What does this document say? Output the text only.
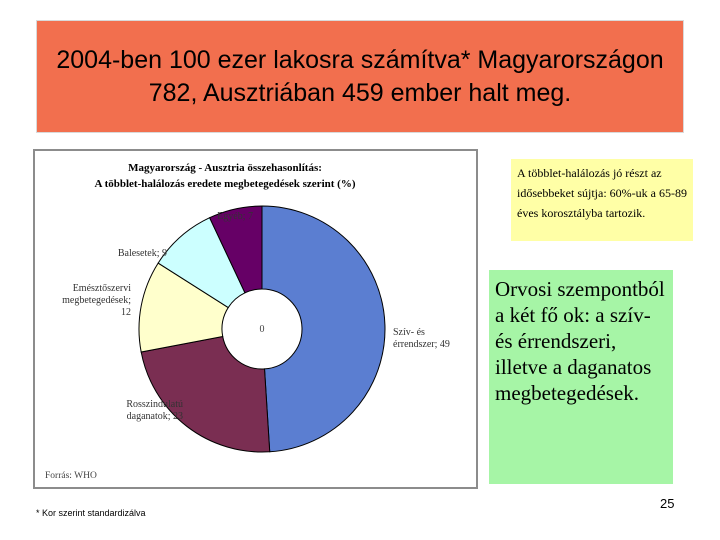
2004-ben 100 ezer lakosra számítva* Magyarországon 782, Ausztriában 459 ember halt meg.
Magyarország - Ausztria összehasonlítás:
A többlet-halálozás eredete megbetegedések szerint (%)
Szív- és érrendszer; 49
Rosszindulatú daganatok; 23
Emésztőszervi megbetegedések; 12
Balesetek; 9
Egyéb; 7
0
Forrás: WHO
A többlet-halálozás jó részt az idősebbeket sújtja: 60%-uk a 65-89 éves korosztályba tartozik.
Orvosi szempontból a két fő ok: a szív- és érrendszeri, illetve a daganatos megbetegedések.
* Kor szerint standardizálva
25
